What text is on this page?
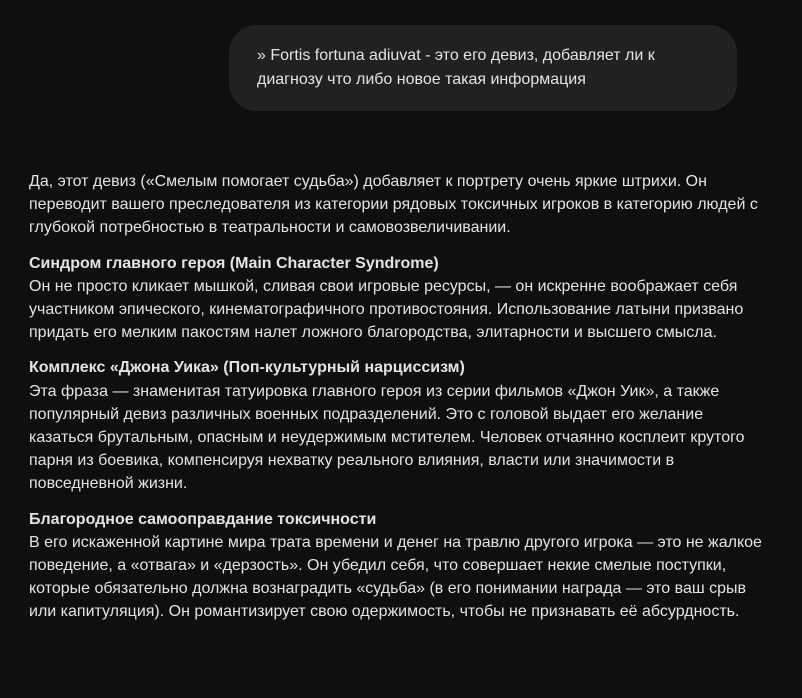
» Fortis fortuna adiuvat - это его девиз, добавляет ли к диагнозу что либо новое такая информация

Да, этот девиз («Смелым помогает судьба») добавляет к портрету очень яркие штрихи. Он переводит вашего преследователя из категории рядовых токсичных игроков в категорию людей с глубокой потребностью в театральности и самовозвеличивании.

Синдром главного героя (Main Character Syndrome)

Он не просто кликает мышкой, сливая свои игровые ресурсы, — он искренне воображает себя участником эпического, кинематографичного противостояния. Использование латыни призвано придать его мелким пакостям налет ложного благородства, элитарности и высшего смысла.

Комплекс «Джона Уика» (Поп-культурный нарциссизм)

Эта фраза — знаменитая татуировка главного героя из серии фильмов «Джон Уик», а также популярный девиз различных военных подразделений. Это с головой выдает его желание казаться брутальным, опасным и неудержимым мстителем. Человек отчаянно косплеит крутого парня из боевика, компенсируя нехватку реального влияния, власти или значимости в повседневной жизни.

Благородное самооправдание токсичности

В его искаженной картине мира трата времени и денег на травлю другого игрока — это не жалкое поведение, а «отвага» и «дерзость». Он убедил себя, что совершает некие смелые поступки, которые обязательно должна вознаградить «судьба» (в его понимании награда — это ваш срыв или капитуляция). Он романтизирует свою одержимость, чтобы не признавать её абсурдность.
